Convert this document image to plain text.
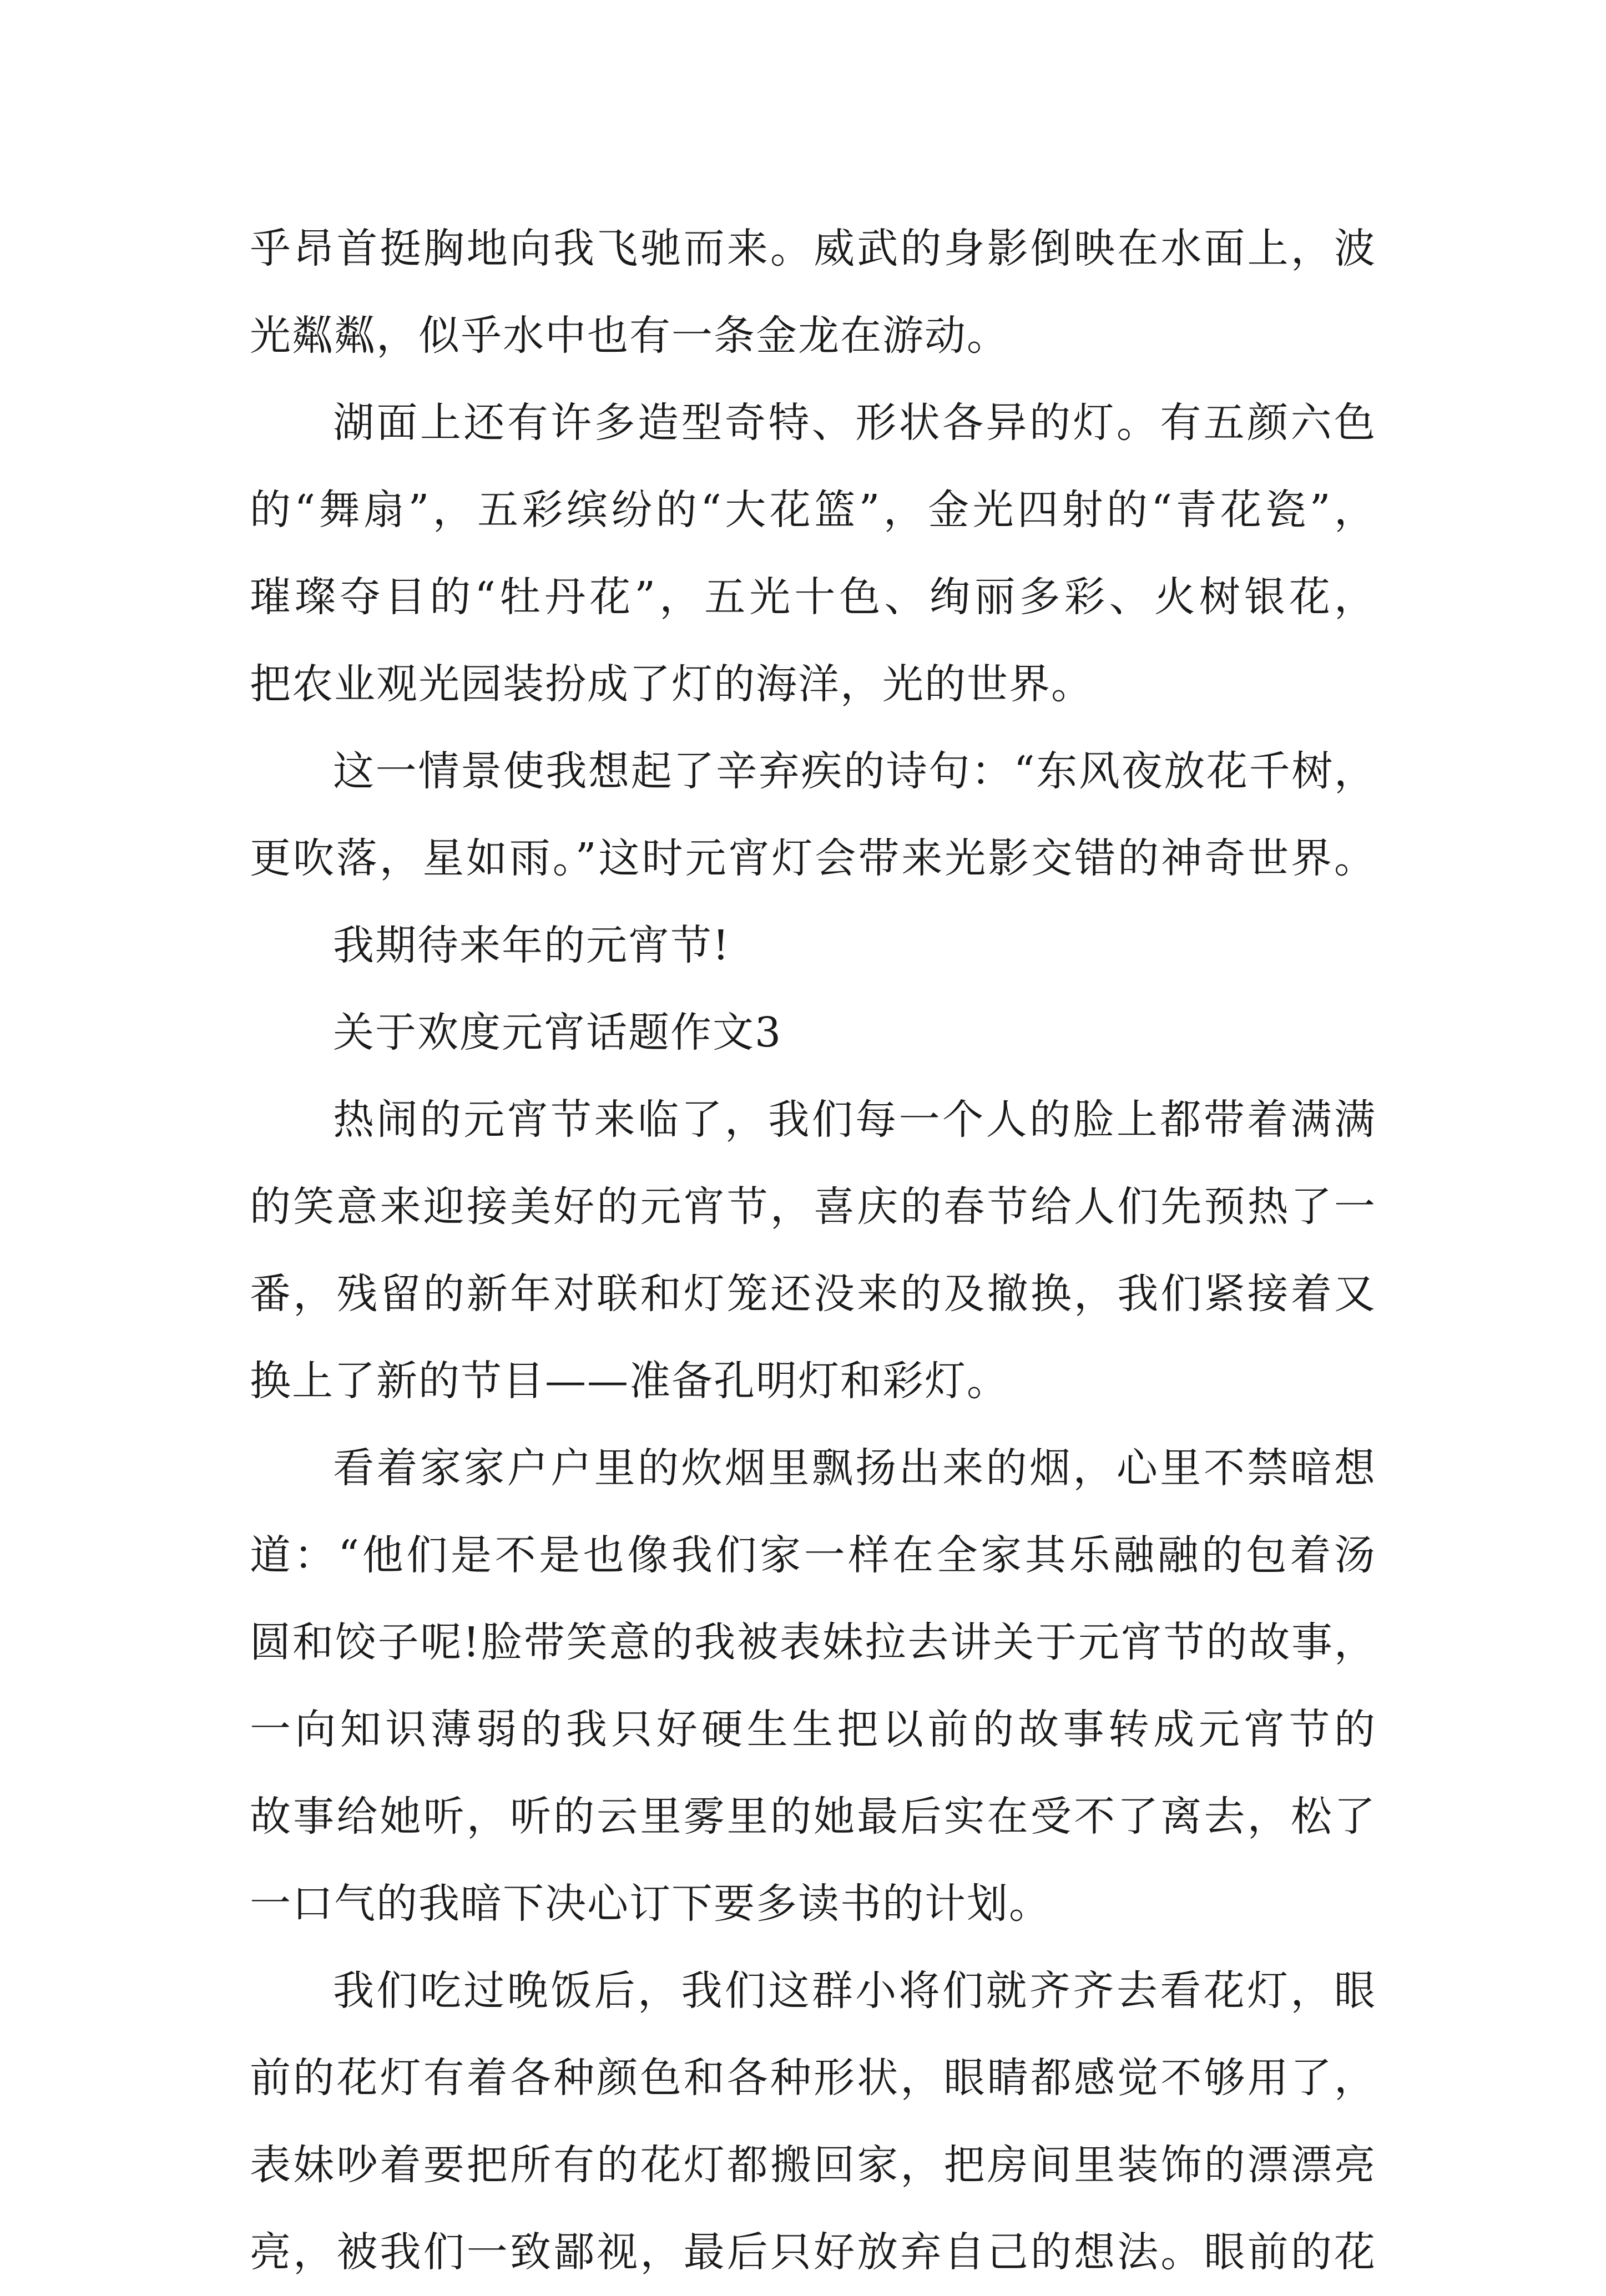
乎昂首挺胸地向我飞驰而来。威武的身影倒映在水面上，波
光粼粼，似乎水中也有一条金龙在游动。
湖面上还有许多造型奇特、形状各异的灯。有五颜六色
的“舞扇”，五彩缤纷的“大花篮”，金光四射的“青花瓷”，
璀璨夺目的“牡丹花”，五光十色、绚丽多彩、火树银花，
把农业观光园装扮成了灯的海洋，光的世界。
这一情景使我想起了辛弃疾的诗句：“东风夜放花千树，
更吹落，星如雨。”这时元宵灯会带来光影交错的神奇世界。
我期待来年的元宵节!
关于欢度元宵话题作文3
热闹的元宵节来临了，我们每一个人的脸上都带着满满
的笑意来迎接美好的元宵节，喜庆的春节给人们先预热了一
番，残留的新年对联和灯笼还没来的及撤换，我们紧接着又
换上了新的节目——准备孔明灯和彩灯。
看着家家户户里的炊烟里飘扬出来的烟，心里不禁暗想
道：“他们是不是也像我们家一样在全家其乐融融的包着汤
圆和饺子呢!脸带笑意的我被表妹拉去讲关于元宵节的故事，
一向知识薄弱的我只好硬生生把以前的故事转成元宵节的
故事给她听，听的云里雾里的她最后实在受不了离去，松了
一口气的我暗下决心订下要多读书的计划。
我们吃过晚饭后，我们这群小将们就齐齐去看花灯，眼
前的花灯有着各种颜色和各种形状，眼睛都感觉不够用了，
表妹吵着要把所有的花灯都搬回家，把房间里装饰的漂漂亮
亮，被我们一致鄙视，最后只好放弃自己的想法。眼前的花
